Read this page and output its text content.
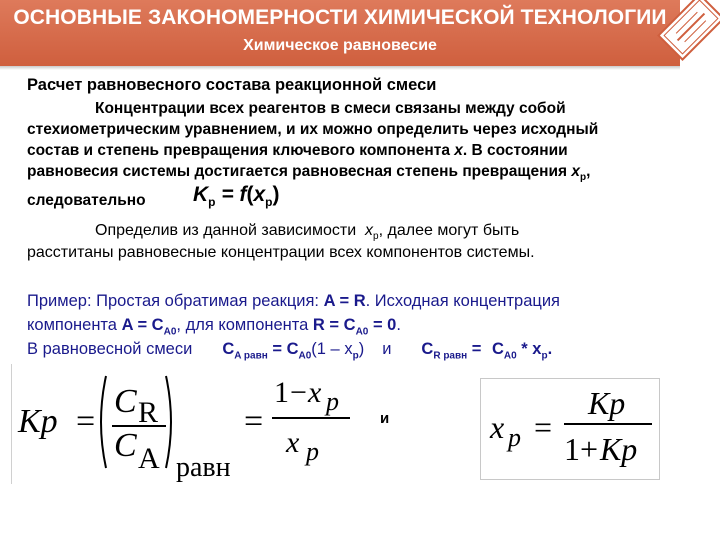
ОСНОВНЫЕ ЗАКОНОМЕРНОСТИ ХИМИЧЕСКОЙ ТЕХНОЛОГИИ
Химическое равновесие
Расчет равновесного состава реакционной смеси
Концентрации всех реагентов в смеси связаны между собой
стехиометрическим уравнением, и их можно определить через исходный
состав и степень превращения ключевого компонента x. В состоянии
равновесия системы достигается равновесная степень превращения $x_p$,
следовательно $K_p = f(x_p)$
Определив из данной зависимости  $x_p$, далее могут быть
расститаны равновесные концентрации всех компонентов системы.
Пример: Простая обратимая реакция: A = R. Исходная концентрация
компонента $A = C_{A0}$, для компонента $R = C_{A0} = 0$.
В равновесной смеси $C_{A равн} = C_{A0}(1 - x_p)$ и $C_{R равн} = C_{A0} * x_p$.
Кр =
C R
C A равн
=
1 − x p
x p
и	x p =
Кр
1 + Кр
